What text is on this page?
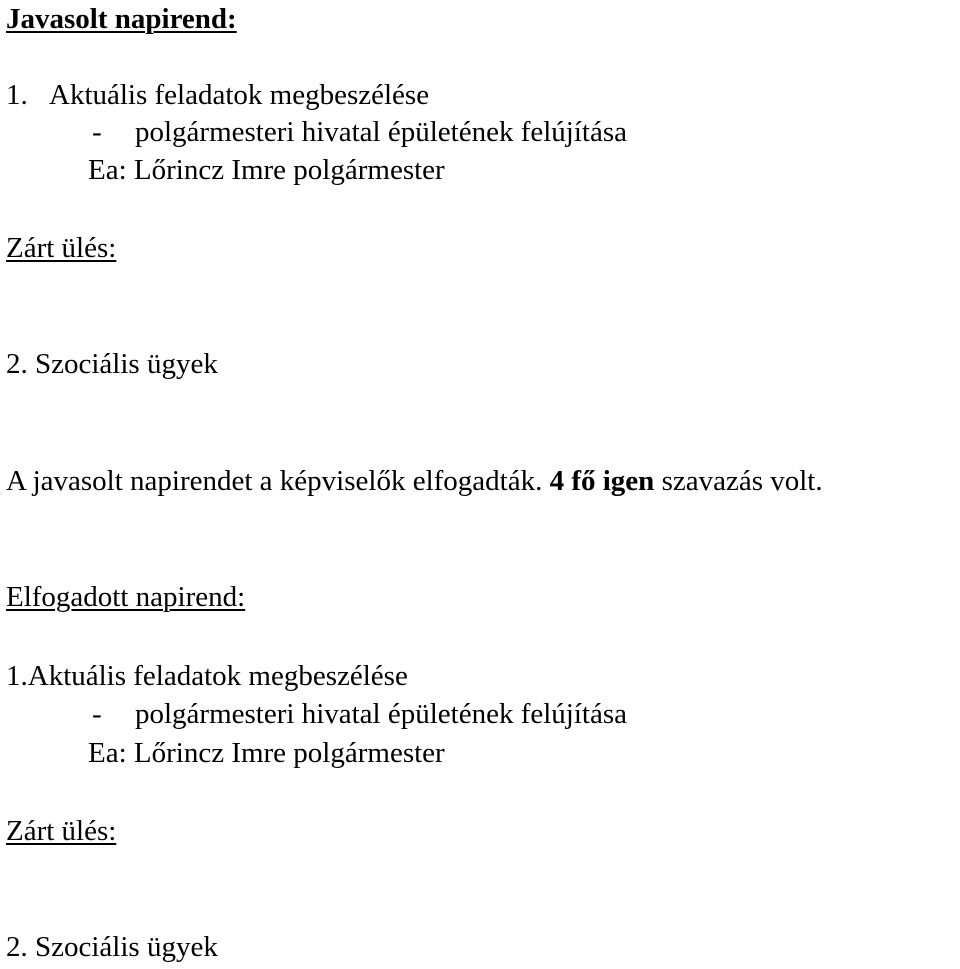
Javasolt napirend:
1. Aktuális feladatok megbeszélése
- polgármesteri hivatal épületének felújítása
Ea: Lőrincz Imre polgármester
Zárt ülés:
2. Szociális ügyek
A javasolt napirendet a képviselők elfogadták. 4 fő igen szavazás volt.
Elfogadott napirend:
1.Aktuális feladatok megbeszélése
- polgármesteri hivatal épületének felújítása
Ea: Lőrincz Imre polgármester
Zárt ülés:
2. Szociális ügyek
